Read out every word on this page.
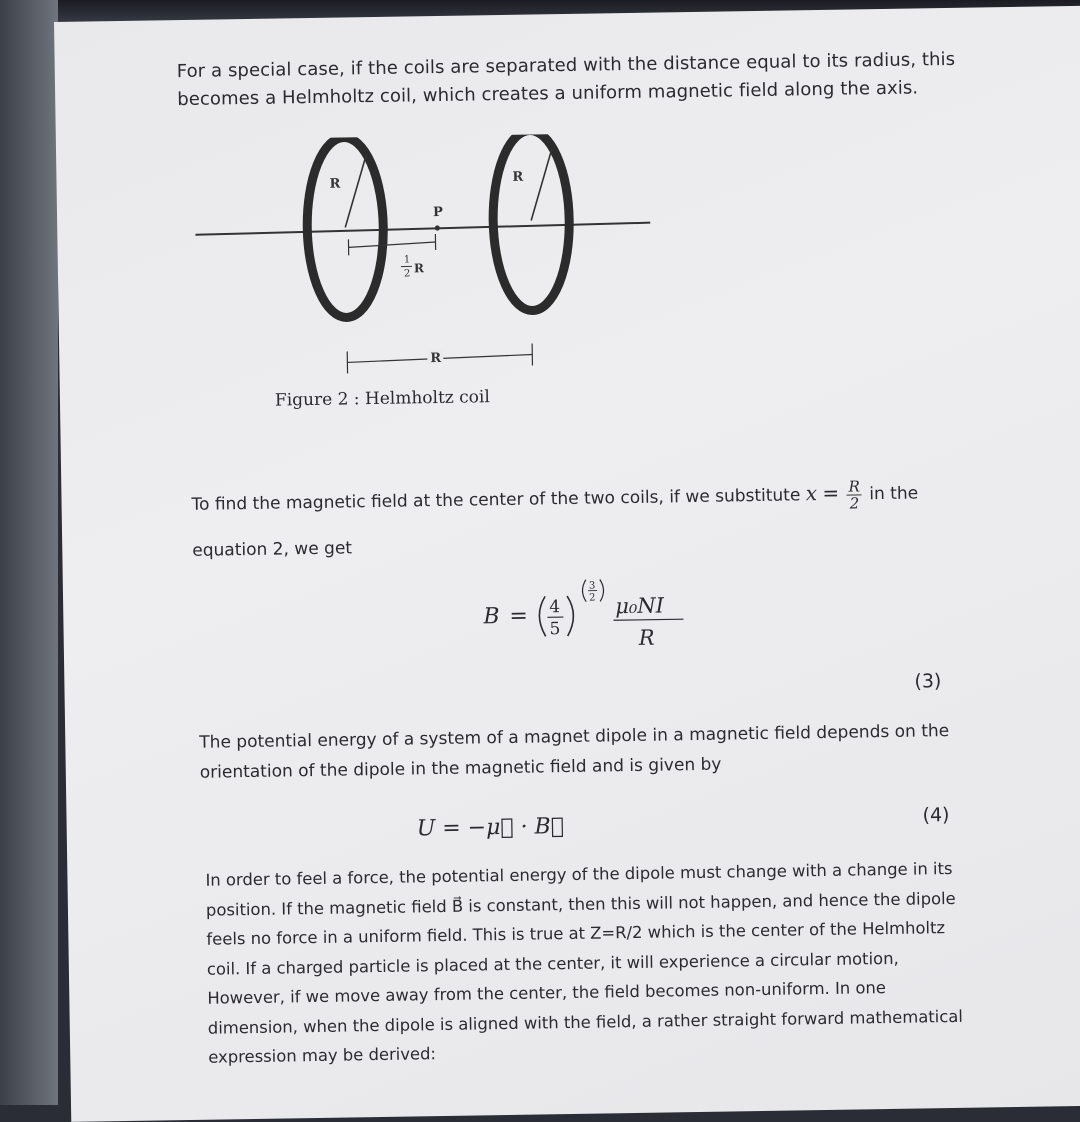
For a special case, if the coils are separated with the distance equal to its radius, this becomes a Helmholtz coil, which creates a uniform magnetic field along the axis.

R	R
P
1
2 R
R

Figure 2 : Helmholtz coil

To find the magnetic field at the center of the two coils, if we substitute $x = \frac{R}{2}$ in the
equation 2, we get

B = 4
5
3
2 μ₀NI
R
(3)

The potential energy of a system of a magnet dipole in a magnetic field depends on the orientation of the dipole in the magnetic field and is given by

U = −μ⃗ · B⃗	(4)

In order to feel a force, the potential energy of the dipole must change with a change in its position. If the magnetic field B⃗ is constant, then this will not happen, and hence the dipole feels no force in a uniform field. This is true at Z=R/2 which is the center of the Helmholtz coil. If a charged particle is placed at the center, it will experience a circular motion, However, if we move away from the center, the field becomes non-uniform. In one dimension, when the dipole is aligned with the field, a rather straight forward mathematical expression may be derived:
